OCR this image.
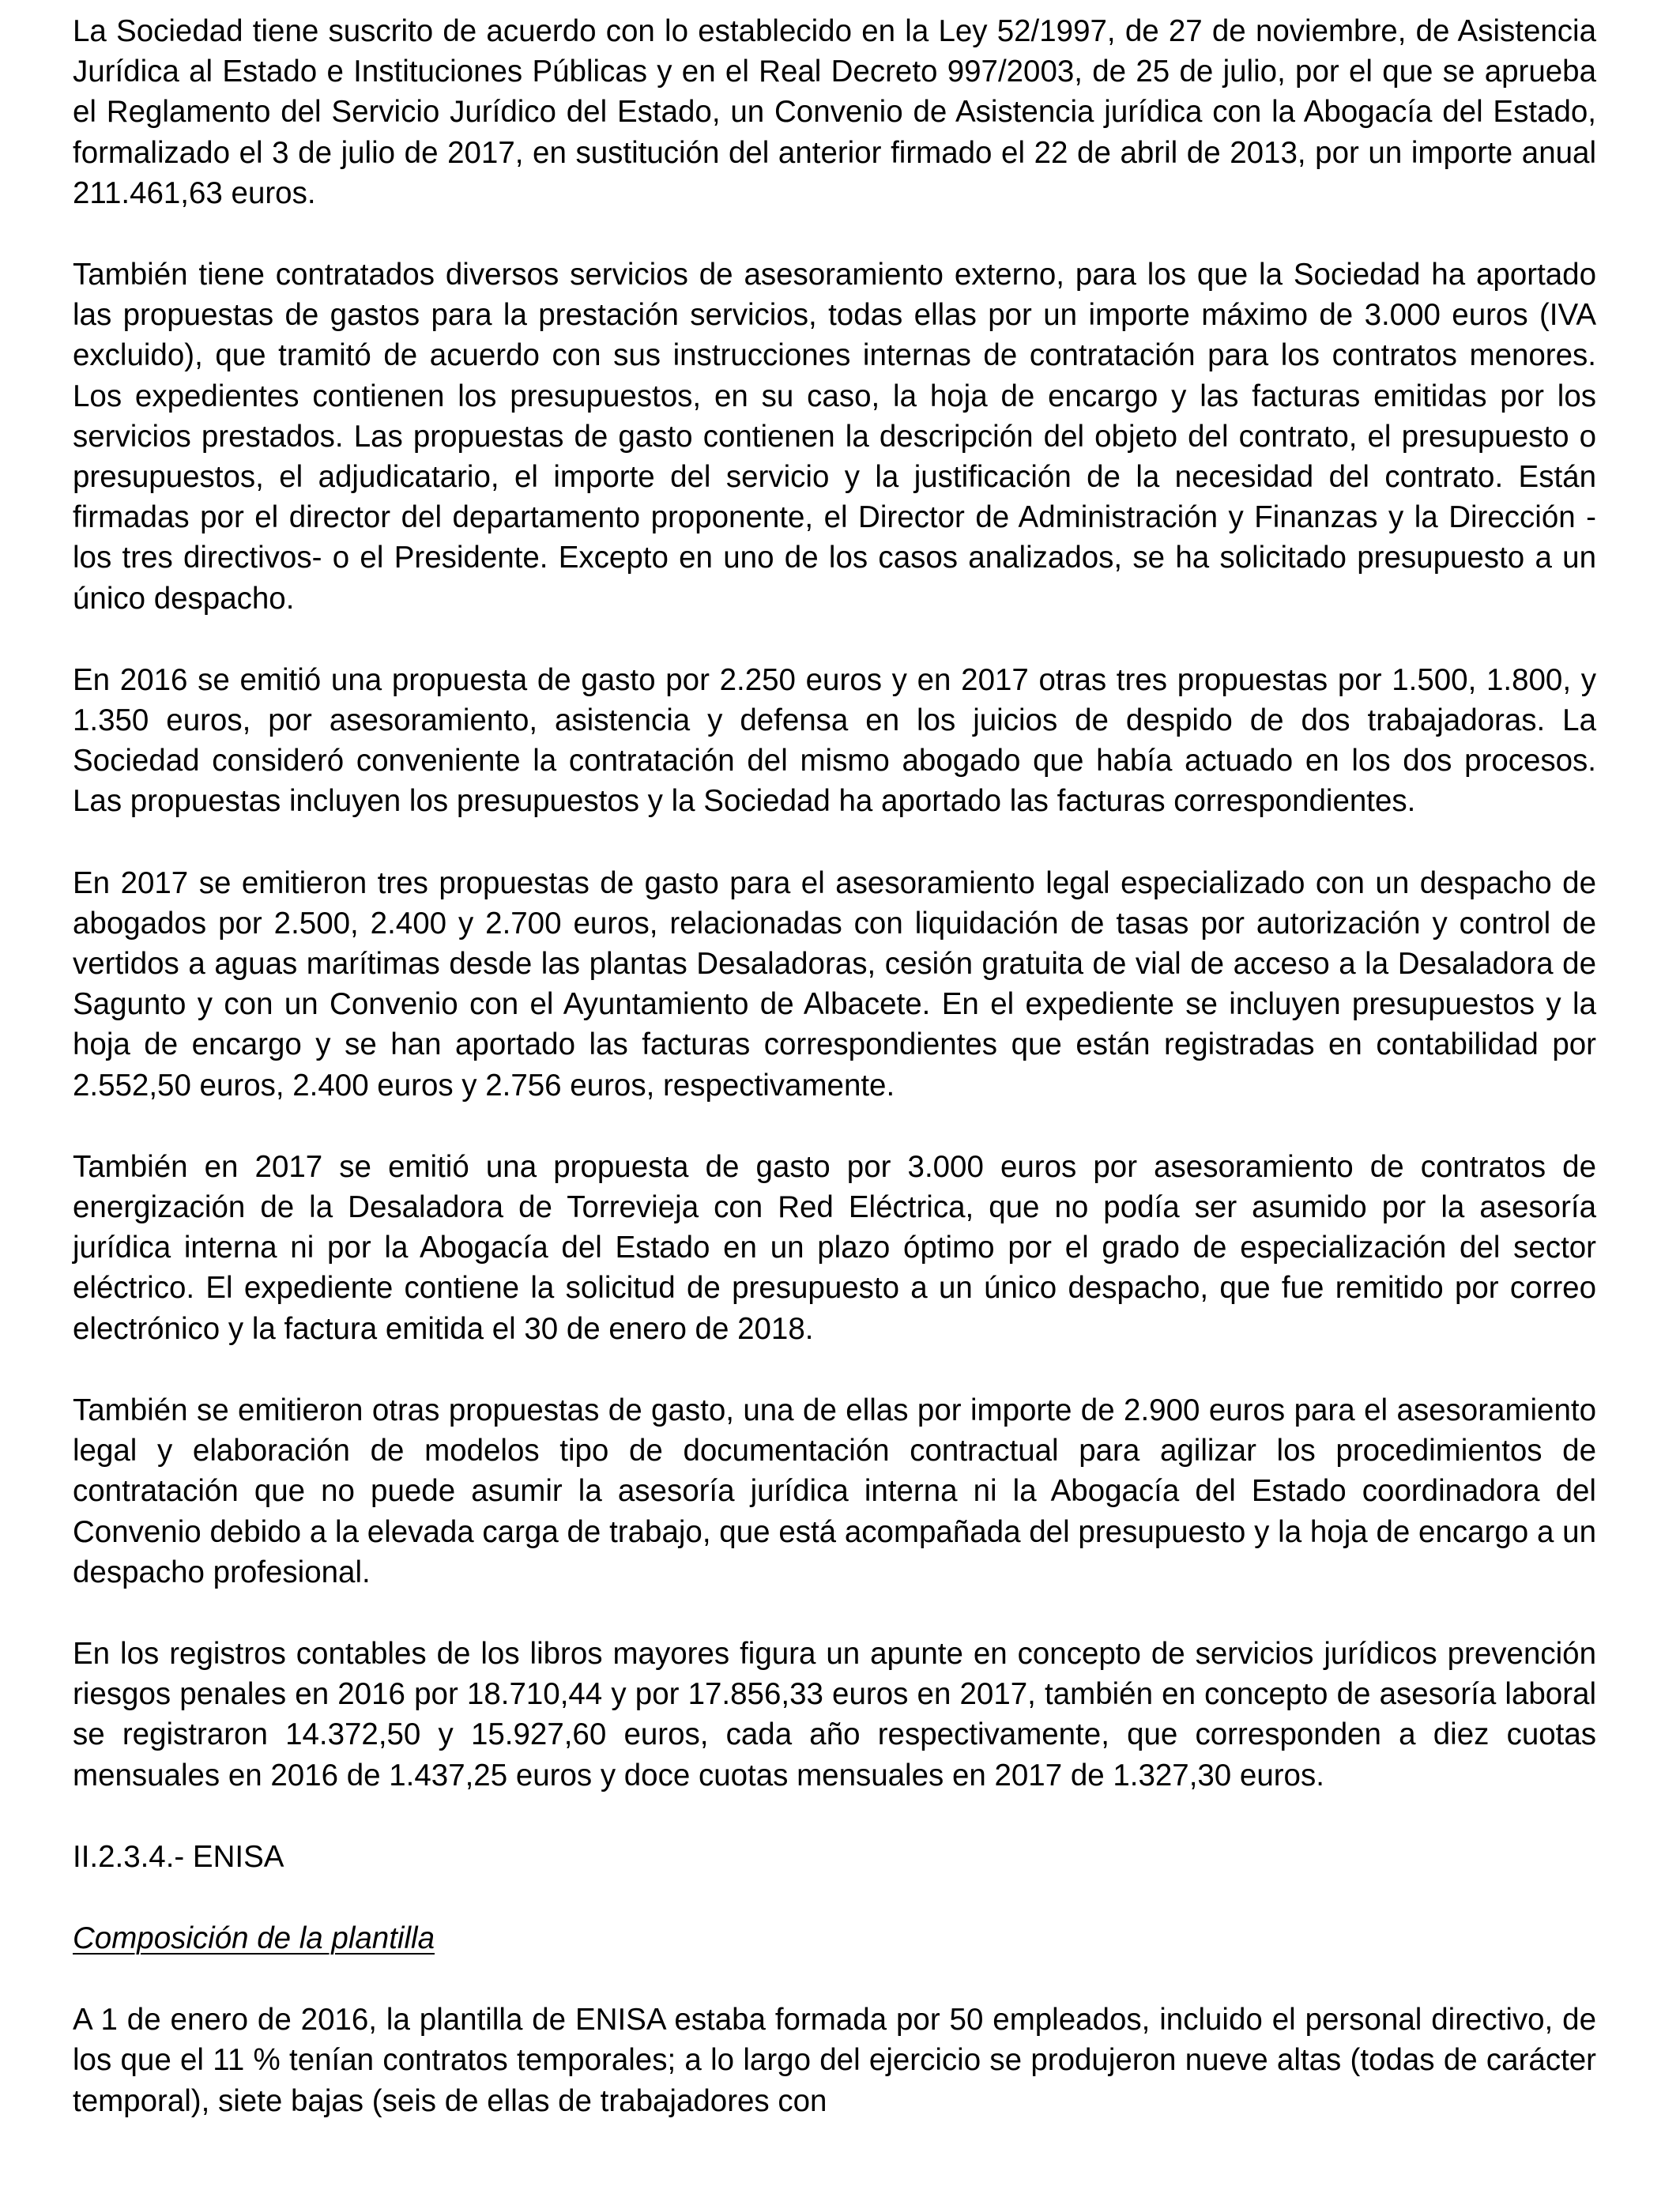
La Sociedad tiene suscrito de acuerdo con lo establecido en la Ley 52/1997, de 27 de noviembre, de Asistencia Jurídica al Estado e Instituciones Públicas y en el Real Decreto 997/2003, de 25 de julio, por el que se aprueba el Reglamento del Servicio Jurídico del Estado, un Convenio de Asistencia jurídica con la Abogacía del Estado, formalizado el 3 de julio de 2017, en sustitución del anterior firmado el 22 de abril de 2013, por un importe anual 211.461,63 euros.

También tiene contratados diversos servicios de asesoramiento externo, para los que la Sociedad ha aportado las propuestas de gastos para la prestación servicios, todas ellas por un importe máximo de 3.000 euros (IVA excluido), que tramitó de acuerdo con sus instrucciones internas de contratación para los contratos menores. Los expedientes contienen los presupuestos, en su caso, la hoja de encargo y las facturas emitidas por los servicios prestados. Las propuestas de gasto contienen la descripción del objeto del contrato, el presupuesto o presupuestos, el adjudicatario, el importe del servicio y la justificación de la necesidad del contrato. Están firmadas por el director del departamento proponente, el Director de Administración y Finanzas y la Dirección -los tres directivos- o el Presidente. Excepto en uno de los casos analizados, se ha solicitado presupuesto a un único despacho.

En 2016 se emitió una propuesta de gasto por 2.250 euros y en 2017 otras tres propuestas por 1.500, 1.800, y 1.350 euros, por asesoramiento, asistencia y defensa en los juicios de despido de dos trabajadoras. La Sociedad consideró conveniente la contratación del mismo abogado que había actuado en los dos procesos. Las propuestas incluyen los presupuestos y la Sociedad ha aportado las facturas correspondientes.

En 2017 se emitieron tres propuestas de gasto para el asesoramiento legal especializado con un despacho de abogados por 2.500, 2.400 y 2.700 euros, relacionadas con liquidación de tasas por autorización y control de vertidos a aguas marítimas desde las plantas Desaladoras, cesión gratuita de vial de acceso a la Desaladora de Sagunto y con un Convenio con el Ayuntamiento de Albacete. En el expediente se incluyen presupuestos y la hoja de encargo y se han aportado las facturas correspondientes que están registradas en contabilidad por 2.552,50 euros, 2.400 euros y 2.756 euros, respectivamente.

También en 2017 se emitió una propuesta de gasto por 3.000 euros por asesoramiento de contratos de energización de la Desaladora de Torrevieja con Red Eléctrica, que no podía ser asumido por la asesoría jurídica interna ni por la Abogacía del Estado en un plazo óptimo por el grado de especialización del sector eléctrico. El expediente contiene la solicitud de presupuesto a un único despacho, que fue remitido por correo electrónico y la factura emitida el 30 de enero de 2018.

También se emitieron otras propuestas de gasto, una de ellas por importe de 2.900 euros para el asesoramiento legal y elaboración de modelos tipo de documentación contractual para agilizar los procedimientos de contratación que no puede asumir la asesoría jurídica interna ni la Abogacía del Estado coordinadora del Convenio debido a la elevada carga de trabajo, que está acompañada del presupuesto y la hoja de encargo a un despacho profesional.

En los registros contables de los libros mayores figura un apunte en concepto de servicios jurídicos prevención riesgos penales en 2016 por 18.710,44 y por 17.856,33 euros en 2017, también en concepto de asesoría laboral se registraron 14.372,50 y 15.927,60 euros, cada año respectivamente, que corresponden a diez cuotas mensuales en 2016 de 1.437,25 euros y doce cuotas mensuales en 2017 de 1.327,30 euros.

II.2.3.4.- ENISA

Composición de la plantilla

A 1 de enero de 2016, la plantilla de ENISA estaba formada por 50 empleados, incluido el personal directivo, de los que el 11 % tenían contratos temporales; a lo largo del ejercicio se produjeron nueve altas (todas de carácter temporal), siete bajas (seis de ellas de trabajadores con
